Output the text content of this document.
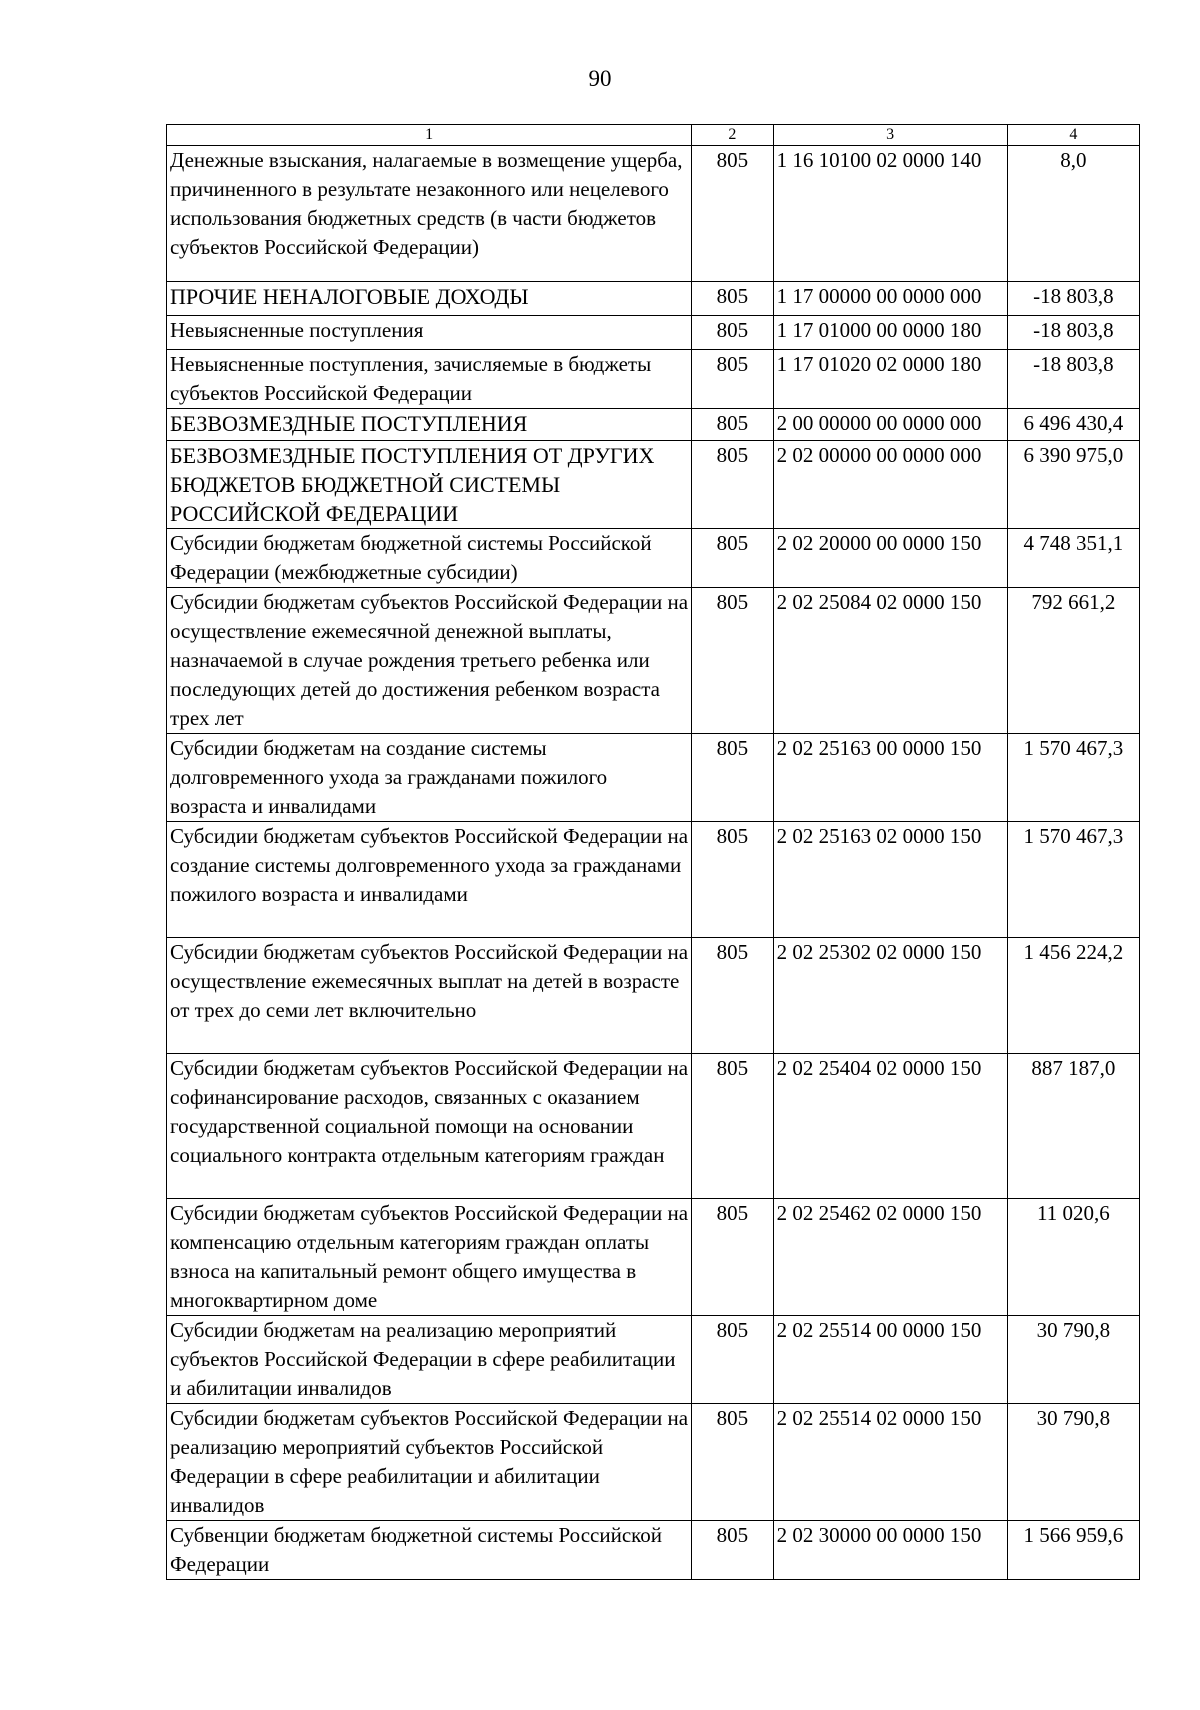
90
1	2	3	4
Денежные взыскания, налагаемые в возмещение ущерба, причиненного в результате незаконного или нецелевого использования бюджетных средств (в части бюджетов субъектов Российской Федерации)	805	1 16 10100 02 0000 140	8,0
ПРОЧИЕ НЕНАЛОГОВЫЕ ДОХОДЫ	805	1 17 00000 00 0000 000	-18 803,8
Невыясненные поступления	805	1 17 01000 00 0000 180	-18 803,8
Невыясненные поступления, зачисляемые в бюджеты субъектов Российской Федерации	805	1 17 01020 02 0000 180	-18 803,8
БЕЗВОЗМЕЗДНЫЕ ПОСТУПЛЕНИЯ	805	2 00 00000 00 0000 000	6 496 430,4
БЕЗВОЗМЕЗДНЫЕ ПОСТУПЛЕНИЯ ОТ ДРУГИХ БЮДЖЕТОВ БЮДЖЕТНОЙ СИСТЕМЫ РОССИЙСКОЙ ФЕДЕРАЦИИ	805	2 02 00000 00 0000 000	6 390 975,0
Субсидии бюджетам бюджетной системы Российской Федерации (межбюджетные субсидии)	805	2 02 20000 00 0000 150	4 748 351,1
Субсидии бюджетам субъектов Российской Федерации на осуществление ежемесячной денежной выплаты, назначаемой в случае рождения третьего ребенка или последующих детей до достижения ребенком возраста трех лет	805	2 02 25084 02 0000 150	792 661,2
Субсидии бюджетам на создание системы долговременного ухода за гражданами пожилого возраста и инвалидами	805	2 02 25163 00 0000 150	1 570 467,3
Субсидии бюджетам субъектов Российской Федерации на создание системы долговременного ухода за гражданами пожилого возраста и инвалидами	805	2 02 25163 02 0000 150	1 570 467,3
Субсидии бюджетам субъектов Российской Федерации на осуществление ежемесячных выплат на детей в возрасте от трех до семи лет включительно	805	2 02 25302 02 0000 150	1 456 224,2
Субсидии бюджетам субъектов Российской Федерации на софинансирование расходов, связанных с оказанием государственной социальной помощи на основании социального контракта отдельным категориям граждан	805	2 02 25404 02 0000 150	887 187,0
Субсидии бюджетам субъектов Российской Федерации на компенсацию отдельным категориям граждан оплаты взноса на капитальный ремонт общего имущества в многоквартирном доме	805	2 02 25462 02 0000 150	11 020,6
Субсидии бюджетам на реализацию мероприятий субъектов Российской Федерации в сфере реабилитации и абилитации инвалидов	805	2 02 25514 00 0000 150	30 790,8
Субсидии бюджетам субъектов Российской Федерации на реализацию мероприятий субъектов Российской Федерации в сфере реабилитации и абилитации инвалидов	805	2 02 25514 02 0000 150	30 790,8
Субвенции бюджетам бюджетной системы Российской Федерации	805	2 02 30000 00 0000 150	1 566 959,6
